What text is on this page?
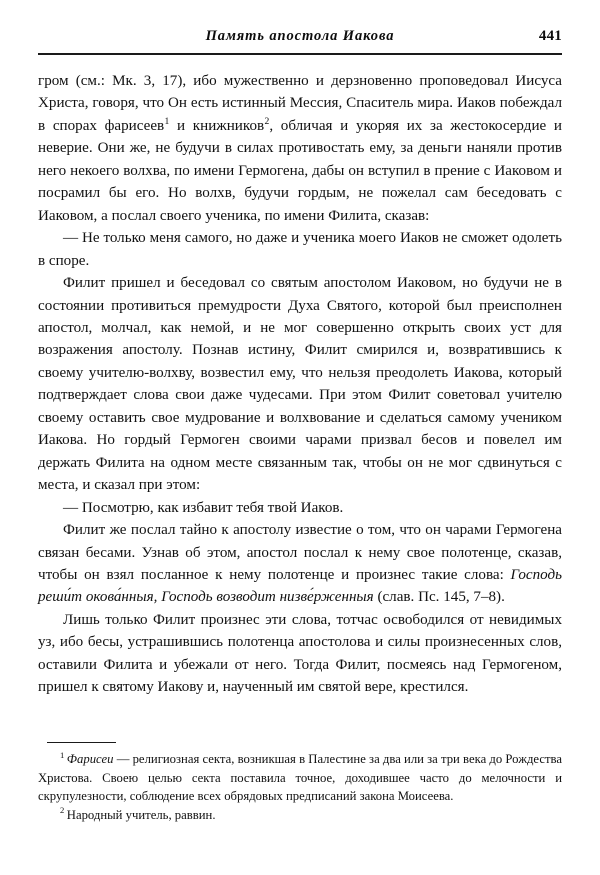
Память апостола Иакова	441

гром (см.: Мк. 3, 17), ибо мужественно и дерзновенно проповедовал Иисуса Христа, говоря, что Он есть истинный Мессия, Спаситель мира. Иаков побеждал в спорах фарисеев$^1$ и книжников$^2$, обличая и укоряя их за жестокосердие и неверие. Они же, не будучи в силах противостать ему, за деньги наняли против него некоего волхва, по имени Гермогена, дабы он вступил в прение с Иаковом и посрамил бы его. Но волхв, будучи гордым, не пожелал сам беседовать с Иаковом, а послал своего ученика, по имени Филита, сказав:

— Не только меня самого, но даже и ученика моего Иаков не сможет одолеть в споре.

Филит пришел и беседовал со святым апостолом Иаковом, но будучи не в состоянии противиться премудрости Духа Святого, которой был преисполнен апостол, молчал, как немой, и не мог совершенно открыть своих уст для возражения апостолу. Познав истину, Филит смирился и, возвратившись к своему учителю-волхву, возвестил ему, что нельзя преодолеть Иакова, который подтверждает слова свои даже чудесами. При этом Филит советовал учителю своему оставить свое мудрование и волхвование и сделаться самому учеником Иакова. Но гордый Гермоген своими чарами призвал бесов и повелел им держать Филита на одном месте связанным так, чтобы он не мог сдвинуться с места, и сказал при этом:

— Посмотрю, как избавит тебя твой Иаков.

Филит же послал тайно к апостолу известие о том, что он чарами Гермогена связан бесами. Узнав об этом, апостол послал к нему свое полотенце, сказав, чтобы он взял посланное к нему полотенце и произнес такие слова: Господь реши́т окова́нныя, Господь возводит низве́рженныя (слав. Пс. 145, 7–8).

Лишь только Филит произнес эти слова, тотчас освободился от невидимых уз, ибо бесы, устрашившись полотенца апостолова и силы произнесенных слов, оставили Филита и убежали от него. Тогда Филит, посмеясь над Гермогеном, пришел к святому Иакову и, наученный им святой вере, крестился.

$^1$ Фарисеи — религиозная секта, возникшая в Палестине за два или за три века до Рождества Христова. Своею целью секта поставила точное, доходившее часто до мелочности и скрупулезности, соблюдение всех обрядовых предписаний закона Моисеева.

$^2$ Народный учитель, раввин.
